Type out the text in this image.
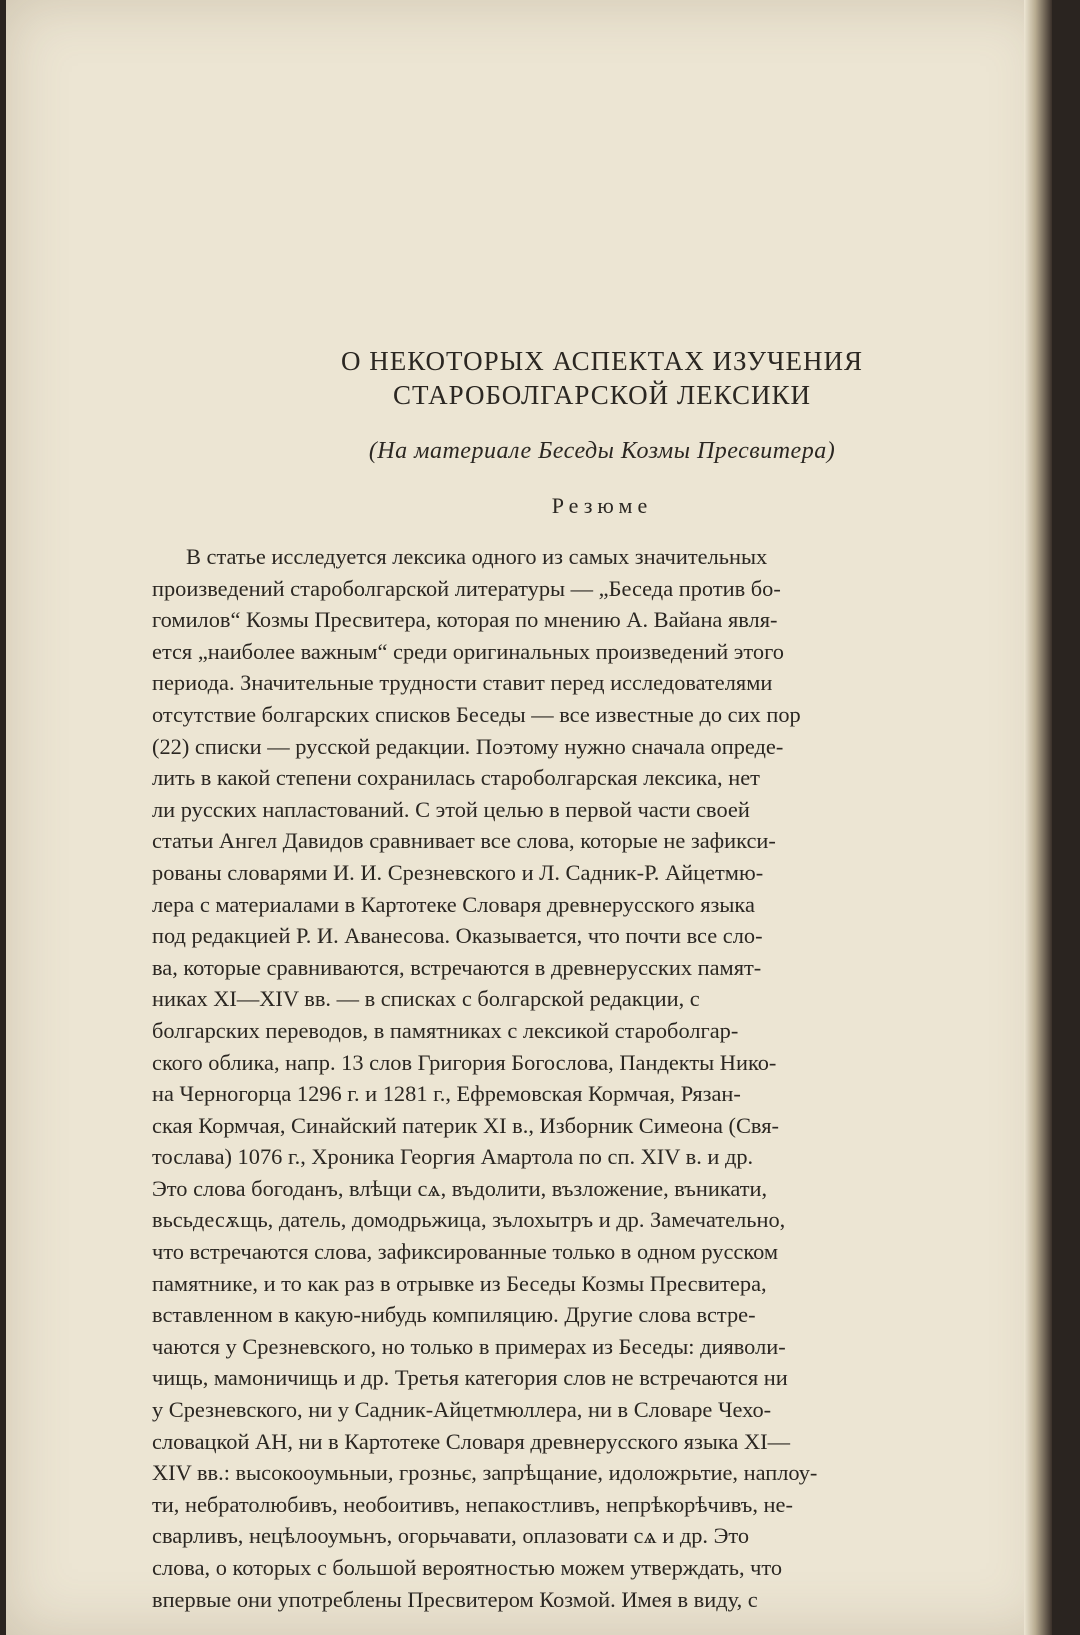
О НЕКОТОРЫХ АСПЕКТАХ ИЗУЧЕНИЯ
СТАРОБОЛГАРСКОЙ ЛЕКСИКИ
(На материале Беседы Козмы Пресвитера)
Резюме
В статье исследуется лексика одного из самых значительных
произведений староболгарской литературы — „Беседа против бо-
гомилов“ Козмы Пресвитера, которая по мнению А. Вайана явля-
ется „наиболее важным“ среди оригинальных произведений этого
периода. Значительные трудности ставит перед исследователями
отсутствие болгарских списков Беседы — все известные до сих пор
(22) списки — русской редакции. Поэтому нужно сначала опреде-
лить в какой степени сохранилась староболгарская лексика, нет
ли русских напластований. С этой целью в первой части своей
статьи Ангел Давидов сравнивает все слова, которые не зафикси-
рованы словарями И. И. Срезневского и Л. Садник-Р. Айцетмю-
лера с материалами в Картотеке Словаря древнерусского языка
под редакцией Р. И. Аванесова. Оказывается, что почти все сло-
ва, которые сравниваются, встречаются в древнерусских памят-
никах XI—XIV вв. — в списках с болгарской редакции, с
болгарских переводов, в памятниках с лексикой староболгар-
ского облика, напр. 13 слов Григория Богослова, Пандекты Нико-
на Черногорца 1296 г. и 1281 г., Ефремовская Кормчая, Рязан-
ская Кормчая, Синайский патерик XI в., Изборник Симеона (Свя-
тослава) 1076 г., Хроника Георгия Амартола по сп. XIV в. и др.
Это слова богоданъ, влѣщи сѧ, въдолити, възложение, въникати,
вьсьдесѫщь, датель, домодрьжица, зълохытръ и др. Замечательно,
что встречаются слова, зафиксированные только в одном русском
памятнике, и то как раз в отрывке из Беседы Козмы Пресвитера,
вставленном в какую-нибудь компиляцию. Другие слова встре-
чаются у Срезневского, но только в примерах из Беседы: дияволи-
чищь, мамоничищь и др. Третья категория слов не встречаются ни
у Срезневского, ни у Садник-Айцетмюллера, ни в Словаре Чехо-
словацкой АН, ни в Картотеке Словаря древнерусского языка XI—
XIV вв.: высокооумьныи, грозньє, запрѣщание, идоложрьтие, наплоу-
ти, небратолюбивъ, необоитивъ, непакостливъ, непрѣкорѣчивъ, не-
сварливъ, нецѣлооумьнъ, огорьчавати, оплазовати сѧ и др. Это
слова, о которых с большой вероятностью можем утверждать, что
впервые они употреблены Пресвитером Козмой. Имея в виду, с
